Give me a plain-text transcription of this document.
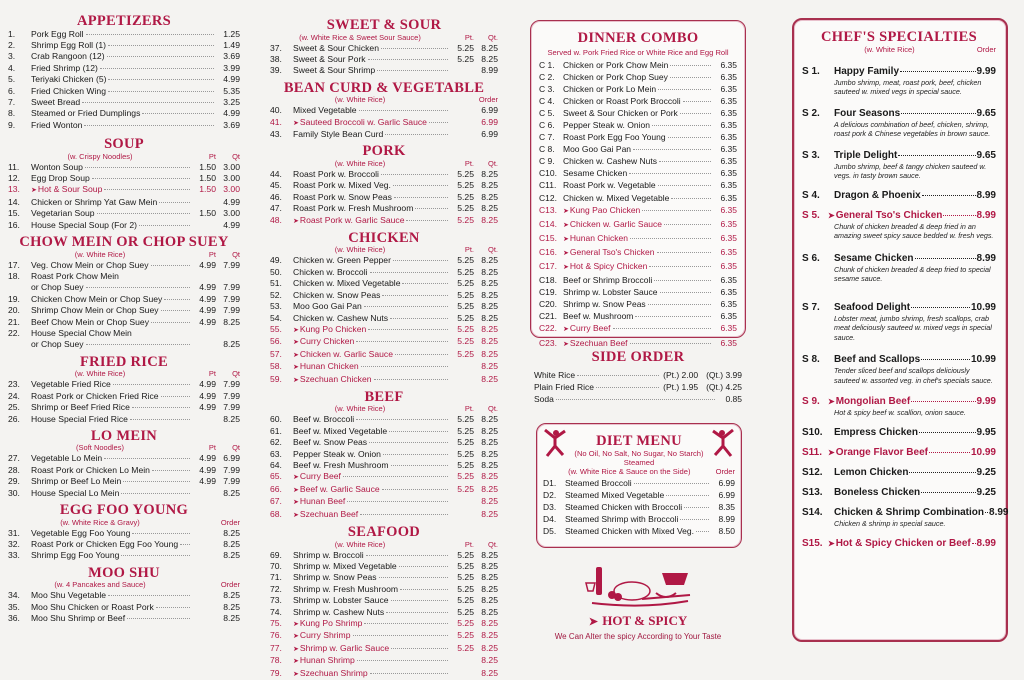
APPETIZERS
1.	Pork Egg Roll	1.25
2.	Shrimp Egg Roll (1)	1.49
3.	Crab Rangoon (12)	3.69
4.	Fried Shrimp (12)	3.99
5.	Teriyaki Chicken (5)	4.99
6.	Fried Chicken Wing	5.35
7.	Sweet Bread	3.25
8.	Steamed or Fried Dumplings	4.99
9.	Fried Wonton	3.69
SOUP
(w. Crispy Noodles)	Pt	Qt
11.	Wonton Soup	1.50 3.00
12.	Egg Drop Soup	1.50 3.00
13.	➤ Hot & Sour Soup	1.50 3.00
14.	Chicken or Shrimp Yat Gaw Mein	4.99
15.	Vegetarian Soup	1.50 3.00
16.	House Special Soup (For 2)	4.99
CHOW MEIN OR CHOP SUEY
(w. White Rice)	Pt	Qt
17.	Veg. Chow Mein or Chop Suey	4.99 7.99
18.	Roast Pork Chow Mein
or Chop Suey	4.99 7.99
19.	Chicken Chow Mein or Chop Suey	4.99 7.99
20.	Shrimp Chow Mein or Chop Suey	4.99 7.99
21.	Beef Chow Mein or Chop Suey	4.99 8.25
22.	House Special Chow Mein
or Chop Suey	8.25
FRIED RICE
(w. White Rice)	Pt	Qt
23.	Vegetable Fried Rice	4.99 7.99
24.	Roast Pork or Chicken Fried Rice	4.99 7.99
25.	Shrimp or Beef Fried Rice	4.99 7.99
26.	House Special Fried Rice	8.25
LO MEIN
(Soft Noodles)	Pt	Qt
27.	Vegetable Lo Mein	4.99 6.99
28.	Roast Pork or Chicken Lo Mein	4.99 7.99
29.	Shrimp or Beef Lo Mein	4.99 7.99
30.	House Special Lo Mein	8.25
EGG FOO YOUNG
(w. White Rice & Gravy)	Order
31.	Vegetable Egg Foo Young	8.25
32.	Roast Pork or Chicken Egg Foo Young	8.25
33.	Shrimp Egg Foo Young	8.25
MOO SHU
(w. 4 Pancakes and Sauce)	Order
34.	Moo Shu Vegetable	8.25
35.	Moo Shu Chicken or Roast Pork	8.25
36.	Moo Shu Shrimp or Beef	8.25
SWEET & SOUR
(w. White Rice & Sweet Sour Sauce)	Pt.	Qt.
37.	Sweet & Sour Chicken	5.25 8.25
38.	Sweet & Sour Pork	5.25 8.25
39.	Sweet & Sour Shrimp	8.99
BEAN CURD & VEGETABLE
(w. White Rice)	Order
40.	Mixed Vegetable	6.99
41.	➤ Sauteed Broccoli w. Garlic Sauce	6.99
43.	Family Style Bean Curd	6.99
PORK
(w. White Rice)	Pt.	Qt.
44.	Roast Pork w. Broccoli	5.25 8.25
45.	Roast Pork w. Mixed Veg.	5.25 8.25
46.	Roast Pork w. Snow Peas	5.25 8.25
47.	Roast Pork w. Fresh Mushroom	5.25 8.25
48.	➤ Roast Pork w. Garlic Sauce	5.25 8.25
CHICKEN
(w. White Rice)	Pt.	Qt.
49.	Chicken w. Green Pepper	5.25 8.25
50.	Chicken w. Broccoli	5.25 8.25
51.	Chicken w. Mixed Vegetable	5.25 8.25
52.	Chicken w. Snow Peas	5.25 8.25
53.	Moo Goo Gai Pan	5.25 8.25
54.	Chicken w. Cashew Nuts	5.25 8.25
55.	➤ Kung Po Chicken	5.25 8.25
56.	➤ Curry Chicken	5.25 8.25
57.	➤ Chicken w. Garlic Sauce	5.25 8.25
58.	➤ Hunan Chicken	8.25
59.	➤ Szechuan Chicken	8.25
BEEF
(w. White Rice)	Pt.	Qt.
60.	Beef w. Broccoli	5.25 8.25
61.	Beef w. Mixed Vegetable	5.25 8.25
62.	Beef w. Snow Peas	5.25 8.25
63.	Pepper Steak w. Onion	5.25 8.25
64.	Beef w. Fresh Mushroom	5.25 8.25
65.	➤ Curry Beef	5.25 8.25
66.	➤ Beef w. Garlic Sauce	5.25 8.25
67.	➤ Hunan Beef	8.25
68.	➤ Szechuan Beef	8.25
SEAFOOD
(w. White Rice)	Pt.	Qt.
69.	Shrimp w. Broccoli	5.25 8.25
70.	Shrimp w. Mixed Vegetable	5.25 8.25
71.	Shrimp w. Snow Peas	5.25 8.25
72.	Shrimp w. Fresh Mushroom	5.25 8.25
73.	Shrimp w. Lobster Sauce	5.25 8.25
74.	Shrimp w. Cashew Nuts	5.25 8.25
75.	➤ Kung Po Shrimp	5.25 8.25
76.	➤ Curry Shrimp	5.25 8.25
77.	➤ Shrimp w. Garlic Sauce	5.25 8.25
78.	➤ Hunan Shrimp	8.25
79.	➤ Szechuan Shrimp	8.25
DINNER COMBO
Served w. Pork Fried Rice or White Rice and Egg Roll
C 1. Chicken or Pork Chow Mein	6.35
C 2. Chicken or Pork Chop Suey	6.35
C 3. Chicken or Pork Lo Mein	6.35
C 4. Chicken or Roast Pork Broccoli	6.35
C 5. Sweet & Sour Chicken or Pork	6.35
C 6. Pepper Steak w. Onion	6.35
C 7. Roast Pork Egg Foo Young	6.35
C 8. Moo Goo Gai Pan	6.35
C 9. Chicken w. Cashew Nuts	6.35
C10. Sesame Chicken	6.35
C11. Roast Pork w. Vegetable	6.35
C12. Chicken w. Mixed Vegetable	6.35
C13. ➤ Kung Pao Chicken	6.35
C14. ➤ Chicken w. Garlic Sauce	6.35
C15. ➤ Hunan Chicken	6.35
C16. ➤ General Tso's Chicken	6.35
C17. ➤ Hot & Spicy Chicken	6.35
C18. Beef or Shrimp Broccoli	6.35
C19. Shrimp w. Lobster Sauce	6.35
C20. Shrimp w. Snow Peas	6.35
C21. Beef w. Mushroom	6.35
C22. ➤ Curry Beef	6.35
C23. ➤ Szechuan Beef	6.35
SIDE ORDER
White Rice	(Pt.) 2.00 (Qt.) 3.99
Plain Fried Rice	(Pt.) 1.95 (Qt.) 4.25
Soda	0.85
DIET MENU
(No Oil, No Salt, No Sugar, No Starch)
Steamed
(w. White Rice & Sauce on the Side)	Order
D1.	Steamed Broccoli	6.99
D2.	Steamed Mixed Vegetable	6.99
D3.	Steamed Chicken with Broccoli	8.35
D4.	Steamed Shrimp with Broccoli	8.99
D5.	Steamed Chicken with Mixed Veg.	8.50
➤ HOT & SPICY
We Can Alter the spicy According to Your Taste
CHEF'S SPECIALTIES
(w. White Rice)	Order
S 1.	Happy Family	9.99
Jumbo shrimp, meat, roast pork, beef, chicken sauteed w. mixed vegs in special sauce.
S 2.	Four Seasons	9.65
A delicious combination of beef, chicken, shrimp, roast pork & Chinese vegetables in brown sauce.
S 3.	Triple Delight	9.65
Jumbo shrimp, beef & tangy chicken sauteed w. vegs. in tasty brown sauce.
S 4.	Dragon & Phoenix	8.99
S 5.	➤ General Tso's Chicken	8.99
Chunk of chicken breaded & deep fried in an amazing sweet spicy sauce bedded w. fresh vegs.
S 6.	Sesame Chicken	8.99
Chunk of chicken breaded & deep fried to special sesame sauce.
S 7.	Seafood Delight	10.99
Lobster meat, jumbo shrimp, fresh scallops, crab meat deliciously sauteed w. mixed vegs in special sauce.
S 8.	Beef and Scallops	10.99
Tender sliced beef and scallops deliciously sauteed w. assorted veg. in chef's specials sauce.
S 9.	➤ Mongolian Beef	9.99
Hot & spicy beef w. scallion, onion sauce.
S10.	Empress Chicken	9.95
S11. ➤ Orange Flavor Beef	10.99
S12.	Lemon Chicken	9.25
S13.	Boneless Chicken	9.25
S14.	Chicken & Shrimp Combination 8.99
Chicken & shrimp in special sauce.
S15. ➤ Hot & Spicy Chicken or Beef 8.99
